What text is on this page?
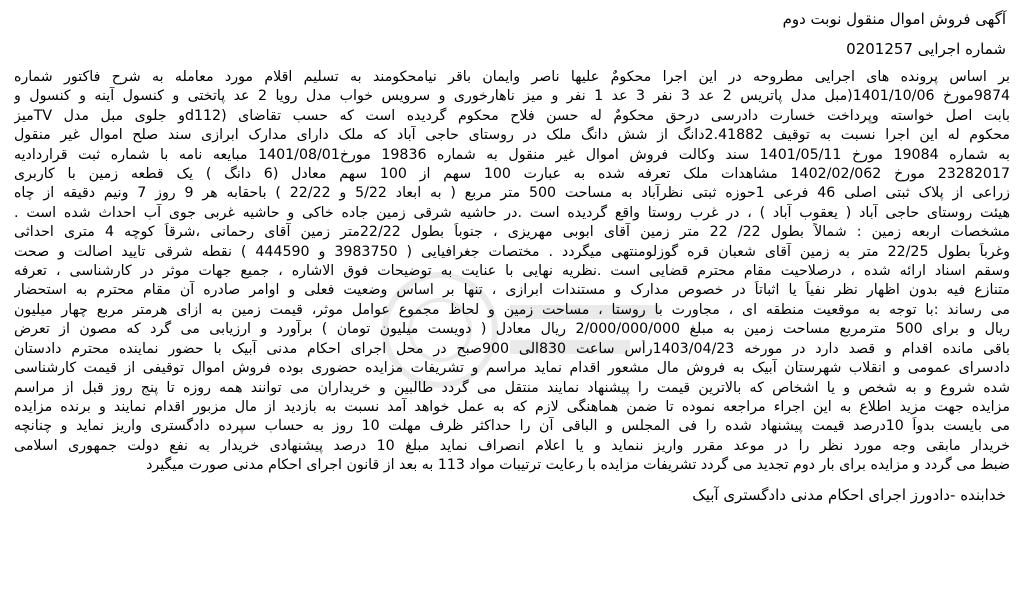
آگهی فروش اموال منقول نوبت دوم
شماره اجرایی 0201257
بر اساس پرونده های اجرایی مطروحه در این اجرا محکومٌ علیها ناصر وایمان باقر نیامحکومند به تسلیم اقلام مورد معامله به شرح فاکتور شماره
9874مورخ 1401/10/06(مبل مدل پاتریس 2 عد 3 نفر 3 عد 1 نفر و میز ناهارخوری و سرویس خواب مدل رویا 2 عد پاتختی و کنسول آینه و کنسول و
بابت اصل خواسته وپرداخت خسارت دادرسی درحق محکومٌ له حسن فلاح محکوم گردیده است که حسب تقاضای (d112و جلوی مبل مدل TVمیز
محکوم له این اجرا نسبت به توقیف 2.41882دانگ از شش دانگ ملک در روستای حاجی آباد که ملک دارای مدارک ابرازی سند صلح اموال غیر منقول
به شماره 19084 مورخ 1401/05/11 سند وکالت فروش اموال غیر منقول به شماره 19836 مورخ1401/08/01 مبایعه نامه با شماره ثبت قراردادیه
23282017 مورخ 1402/02/062 مشاهدات ملک تعرفه شده به عبارت 100 سهم از 100 سهم معادل (6 دانگ ) یک قطعه زمین با کاربری
زراعی از پلاک ثبتی اصلی 46 فرعی 1حوزه ثبتی نظرآباد به مساحت 500 متر مربع ( به ابعاد 5/22 و 22/22 ) باحقابه هر 9 روز 7 ونیم دقیقه از چاه
هیئت روستای حاجی آباد ( یعقوب آباد ) ، در غرب روستا واقع گردیده است .در حاشیه شرقی زمین جاده خاکی و حاشیه غربی جوی آب احداث شده است .
مشخصات اربعه زمین : شمالاً بطول 22/ 22 متر زمین آقای ابوبی مهریزی ، جنوباً بطول 22/22متر زمین آقای رحمانی ،شرقاً کوچه 4 متری احداثی
وغرباً بطول 22/25 متر به زمین آقای شعبان قره گوزلومنتهی میگردد . مختصات جغرافیایی ( 3983750 و 444590 ) نقطه شرقی تایید اصالت و صحت
وسقم اسناد ارائه شده ، درصلاحیت مقام محترم قضایی است .نظریه نهایی با عنایت به توضیحات فوق الاشاره ، جمیع جهات موثر در کارشناسی ، تعرفه
متنازع فیه بدون اظهار نظر نفیاً یا اثباتاً در خصوص مدارک و مستندات ابرازی ، تنها بر اساس وضعیت فعلی و اوامر صادره آن مقام محترم به استحضار
می رساند :با توجه به موقعیت منطقه ای ، مجاورت با روستا ، مساحت زمین و لحاظ مجموع عوامل موثر، قیمت زمین به ازای هرمتر مربع چهار میلیون
ریال و برای 500 مترمربع مساحت زمین به مبلغ 2/000/000/000 ریال معادل ( دویست میلیون تومان ) برآورد و ارزیابی می گرد که مصون از تعرض
باقی مانده اقدام و قصد دارد در مورخه 1403/04/23رأس ساعت 830الی 900صبح در محل اجرای احکام مدنی آبیک با حضور نماینده محترم دادستان
دادسرای عمومی و انقلاب شهرستان آبیک به فروش مال مشعور اقدام نماید مراسم و تشریفات مزایده حضوری بوده فروش اموال توقیفی از قیمت کارشناسی
شده شروع و به شخص و یا اشخاص که بالاترین قیمت را پیشنهاد نمایند منتقل می گردد طالبین و خریداران می توانند همه روزه تا پنج روز قبل از مراسم
مزایده جهت مزید اطلاع به این اجراء مراجعه نموده تا ضمن هماهنگی لازم که به عمل خواهد آمد نسبت به بازدید از مال مزبور اقدام نمایند و برنده مزایده
می بایست بدواً 10درصد قیمت پیشنهاد شده را فی المجلس و الباقی آن را حداکثر ظرف مهلت 10 روز به حساب سپرده دادگستری واریز نماید و چنانچه
خریدار مابقی وجه مورد نظر را در موعد مقرر واریز ننماید و یا اعلام انصراف نماید مبلغ 10 درصد پیشنهادی خریدار به نفع دولت جمهوری اسلامی
ضبط می گردد و مزایده برای بار دوم تجدید می گردد تشریفات مزایده با رعایت ترتیبات مواد 113 به بعد از قانون اجرای احکام مدنی صورت میگیرد
خدابنده -دادورز اجرای احکام مدنی دادگستری آبیک
